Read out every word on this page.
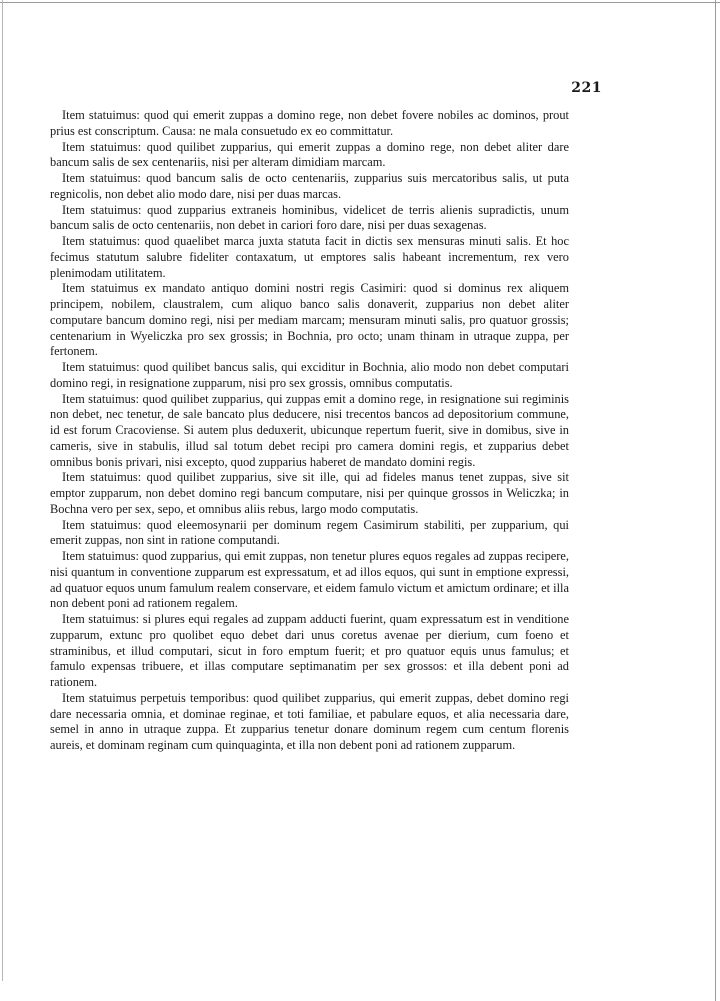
221

Item statuimus: quod qui emerit zuppas a domino rege, non debet fovere nobiles ac dominos, prout prius est conscriptum. Causa: ne mala consuetudo ex eo committatur.

Item statuimus: quod quilibet zupparius, qui emerit zuppas a domino rege, non debet aliter dare bancum salis de sex centenariis, nisi per alteram dimidiam marcam.

Item statuimus: quod bancum salis de octo centenariis, zupparius suis mercatoribus salis, ut puta regnicolis, non debet alio modo dare, nisi per duas marcas.

Item statuimus: quod zupparius extraneis hominibus, videlicet de terris alienis supradictis, unum bancum salis de octo centenariis, non debet in cariori foro dare, nisi per duas sexagenas.

Item statuimus: quod quaelibet marca juxta statuta facit in dictis sex mensuras minuti salis. Et hoc fecimus statutum salubre fideliter contaxatum, ut emptores salis habeant incrementum, rex vero plenimodam utilitatem.

Item statuimus ex mandato antiquo domini nostri regis Casimiri: quod si dominus rex aliquem principem, nobilem, claustralem, cum aliquo banco salis donaverit, zupparius non debet aliter computare bancum domino regi, nisi per mediam marcam; mensuram minuti salis, pro quatuor grossis; centenarium in Wyeliczka pro sex grossis; in Bochnia, pro octo; unam thinam in utraque zuppa, per fertonem.

Item statuimus: quod quilibet bancus salis, qui exciditur in Bochnia, alio modo non debet computari domino regi, in resignatione zupparum, nisi pro sex grossis, omnibus computatis.

Item statuimus: quod quilibet zupparius, qui zuppas emit a domino rege, in resignatione sui regiminis non debet, nec tenetur, de sale bancato plus deducere, nisi trecentos bancos ad depositorium commune, id est forum Cracoviense. Si autem plus deduxerit, ubicunque repertum fuerit, sive in domibus, sive in cameris, sive in stabulis, illud sal totum debet recipi pro camera domini regis, et zupparius debet omnibus bonis privari, nisi excepto, quod zupparius haberet de mandato domini regis.

Item statuimus: quod quilibet zupparius, sive sit ille, qui ad fideles manus tenet zuppas, sive sit emptor zupparum, non debet domino regi bancum computare, nisi per quinque grossos in Weliczka; in Bochna vero per sex, sepo, et omnibus aliis rebus, largo modo computatis.

Item statuimus: quod eleemosynarii per dominum regem Casimirum stabiliti, per zupparium, qui emerit zuppas, non sint in ratione computandi.

Item statuimus: quod zupparius, qui emit zuppas, non tenetur plures equos regales ad zuppas recipere, nisi quantum in conventione zupparum est expressatum, et ad illos equos, qui sunt in emptione expressi, ad quatuor equos unum famulum realem conservare, et eidem famulo victum et amictum ordinare; et illa non debent poni ad rationem regalem.

Item statuimus: si plures equi regales ad zuppam adducti fuerint, quam expressatum est in venditione zupparum, extunc pro quolibet equo debet dari unus coretus avenae per dierium, cum foeno et straminibus, et illud computari, sicut in foro emptum fuerit; et pro quatuor equis unus famulus; et famulo expensas tribuere, et illas computare septimanatim per sex grossos: et illa debent poni ad rationem.

Item statuimus perpetuis temporibus: quod quilibet zupparius, qui emerit zuppas, debet domino regi dare necessaria omnia, et dominae reginae, et toti familiae, et pabulare equos, et alia necessaria dare, semel in anno in utraque zuppa. Et zupparius tenetur donare dominum regem cum centum florenis aureis, et dominam reginam cum quinquaginta, et illa non debent poni ad rationem zupparum.
